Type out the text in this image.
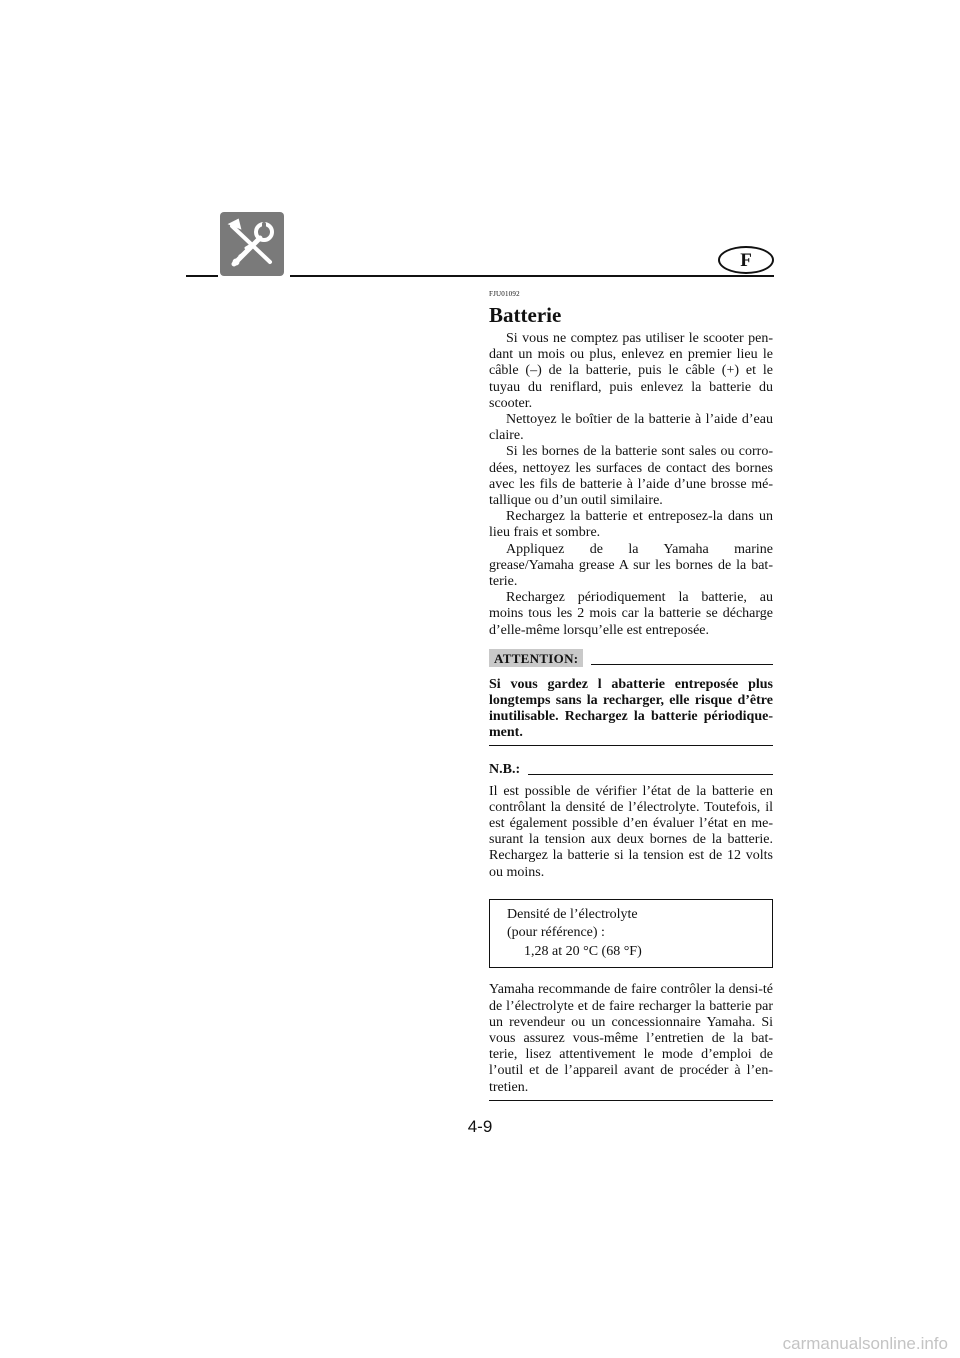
F
FJU01092
Batterie

Si vous ne comptez pas utiliser le scooter pen-dant un mois ou plus, enlevez en premier lieu le câble (–) de la batterie, puis le câble (+) et le tuyau du reniflard, puis enlevez la batterie du scooter.

Nettoyez le boîtier de la batterie à l’aide d’eau claire.

Si les bornes de la batterie sont sales ou corro-dées, nettoyez les surfaces de contact des bornes avec les fils de batterie à l’aide d’une brosse mé-tallique ou d’un outil similaire.

Rechargez la batterie et entreposez-la dans un lieu frais et sombre.

Appliquez de la Yamaha marine grease/Yamaha grease A sur les bornes de la bat-terie.

Rechargez périodiquement la batterie, au moins tous les 2 mois car la batterie se décharge d’elle-même lorsqu’elle est entreposée.

ATTENTION:
Si vous gardez l abatterie entreposée plus longtemps sans la recharger, elle risque d’être inutilisable. Rechargez la batterie périodique-ment.
N.B.:
Il est possible de vérifier l’état de la batterie en contrôlant la densité de l’électrolyte. Toutefois, il est également possible d’en évaluer l’état en me-surant la tension aux deux bornes de la batterie. Rechargez la batterie si la tension est de 12 volts ou moins.
Densité de l’électrolyte
(pour référence) :
1,28 at 20 °C (68 °F)
Yamaha recommande de faire contrôler la densi-té de l’électrolyte et de faire recharger la batterie par un revendeur ou un concessionnaire Yamaha. Si vous assurez vous-même l’entretien de la bat-terie, lisez attentivement le mode d’emploi de l’outil et de l’appareil avant de procéder à l’en-tretien.
4-9
carmanualsonline.info
